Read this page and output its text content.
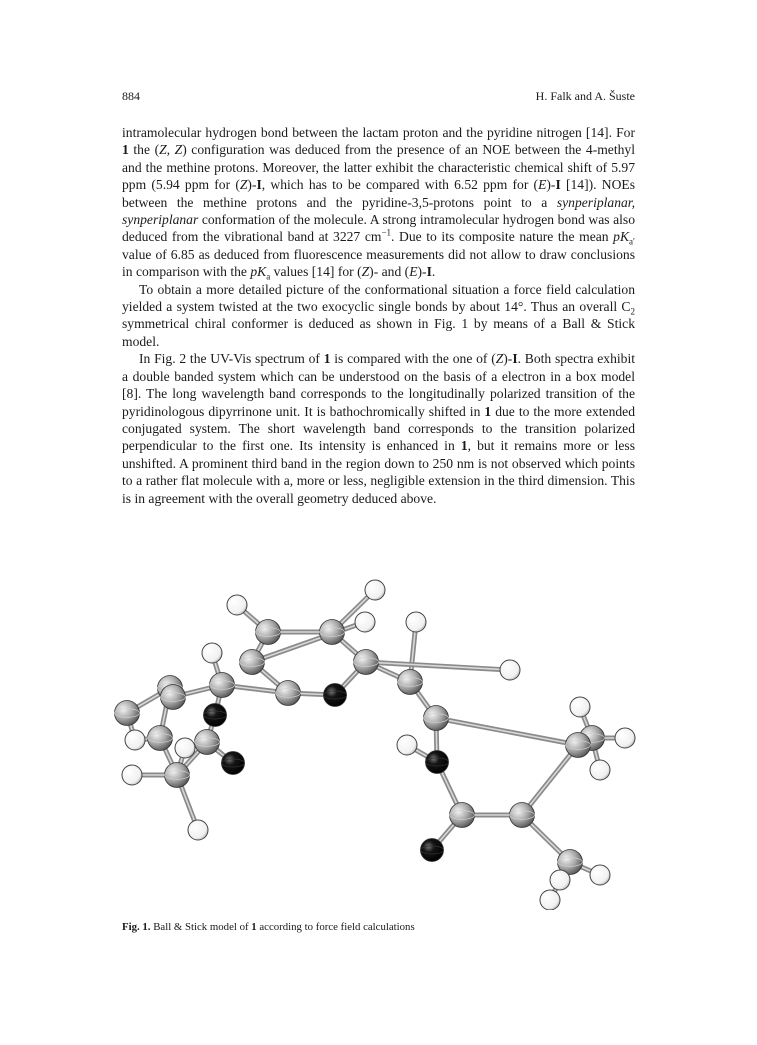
884	H. Falk and A. Šuste

intramolecular hydrogen bond between the lactam proton and the pyridine nitrogen [14]. For 1 the (Z, Z) configuration was deduced from the presence of an NOE between the 4-methyl and the methine protons. Moreover, the latter exhibit the characteristic chemical shift of 5.97 ppm (5.94 ppm for (Z)-I, which has to be compared with 6.52 ppm for (E)-I [14]). NOEs between the methine protons and the pyridine-3,5-protons point to a synperiplanar, synperiplanar conformation of the molecule. A strong intramolecular hydrogen bond was also deduced from the vibrational band at 3227 $cm^{-1}$. Due to its composite nature the mean $pK_{a'}$ value of 6.85 as deduced from fluorescence measurements did not allow to draw conclusions in comparison with the $pK_a$ values [14] for (Z)- and (E)-I.

To obtain a more detailed picture of the conformational situation a force field calculation yielded a system twisted at the two exocyclic single bonds by about 14°. Thus an overall $C_2$ symmetrical chiral conformer is deduced as shown in Fig. 1 by means of a Ball & Stick model.

In Fig. 2 the UV-Vis spectrum of 1 is compared with the one of (Z)-I. Both spectra exhibit a double banded system which can be understood on the basis of a electron in a box model [8]. The long wavelength band corresponds to the longitudinally polarized transition of the pyridinologous dipyrrinone unit. It is bathochromically shifted in 1 due to the more extended conjugated system. The short wavelength band corresponds to the transition polarized perpendicular to the first one. Its intensity is enhanced in 1, but it remains more or less unshifted. A prominent third band in the region down to 250 nm is not observed which points to a rather flat molecule with a, more or less, negligible extension in the third dimension. This is in agreement with the overall geometry deduced above.

Fig. 1. Ball & Stick model of 1 according to force field calculations
